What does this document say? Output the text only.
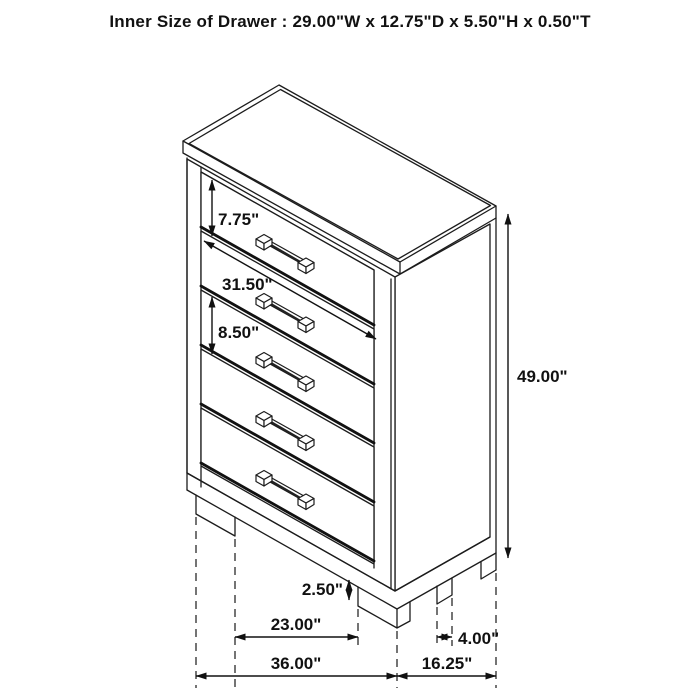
Inner Size of Drawer : 29.00"W x 12.75"D x 5.50"H x 0.50"T
7.75"
31.50"
8.50"
49.00"
2.50"
23.00"
4.00"
36.00"	16.25"
